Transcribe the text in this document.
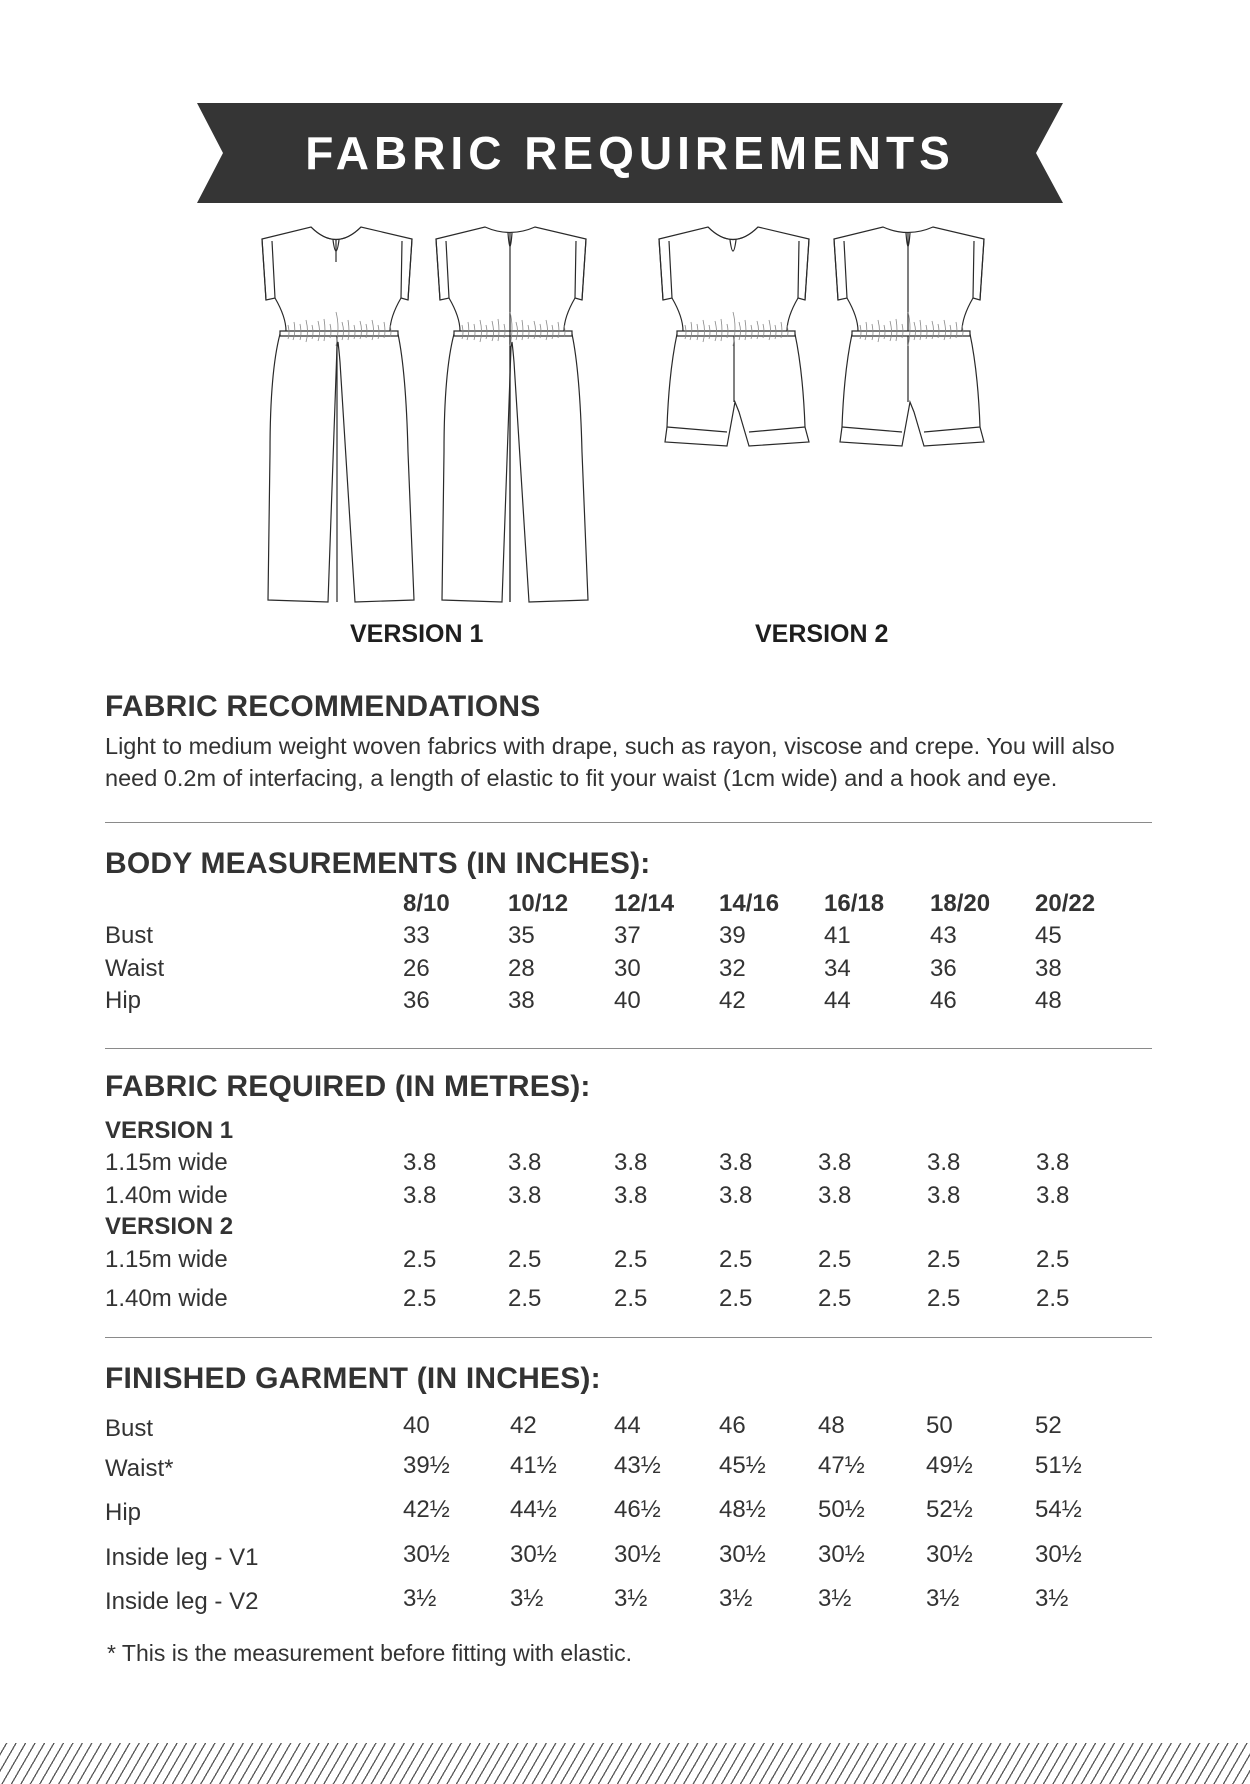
FABRIC REQUIREMENTS
VERSION 1	VERSION 2
FABRIC RECOMMENDATIONS
Light to medium weight woven fabrics with drape, such as rayon, viscose and crepe. You will also
need 0.2m of interfacing, a length of elastic to fit your waist (1cm wide) and a hook and eye.
BODY MEASUREMENTS (IN INCHES):
8/10 10/12 12/14 14/16 16/18 18/20 20/22
Bust	33	35	37	39	41	43	45
Waist	26	28	30	32	34	36	38
Hip	36	38	40	42	44	46	48
FABRIC REQUIRED (IN METRES):
VERSION 1
1.15m wide	3.8	3.8	3.8	3.8	3.8	3.8	3.8
1.40m wide	3.8	3.8	3.8	3.8	3.8	3.8	3.8
VERSION 2
1.15m wide	2.5	2.5	2.5	2.5	2.5	2.5	2.5
1.40m wide	2.5	2.5	2.5	2.5	2.5	2.5	2.5
FINISHED GARMENT (IN INCHES):
Bust	40	42	44	46	48	50	52
Waist*	39½	41½ 43½ 45½ 47½	49½	51½
Hip	42½	44½ 46½ 48½ 50½	52½	54½
Inside leg - V1	30½	30½ 30½ 30½ 30½	30½	30½
Inside leg - V2	3½	3½	3½	3½	3½	3½	3½
* This is the measurement before fitting with elastic.
